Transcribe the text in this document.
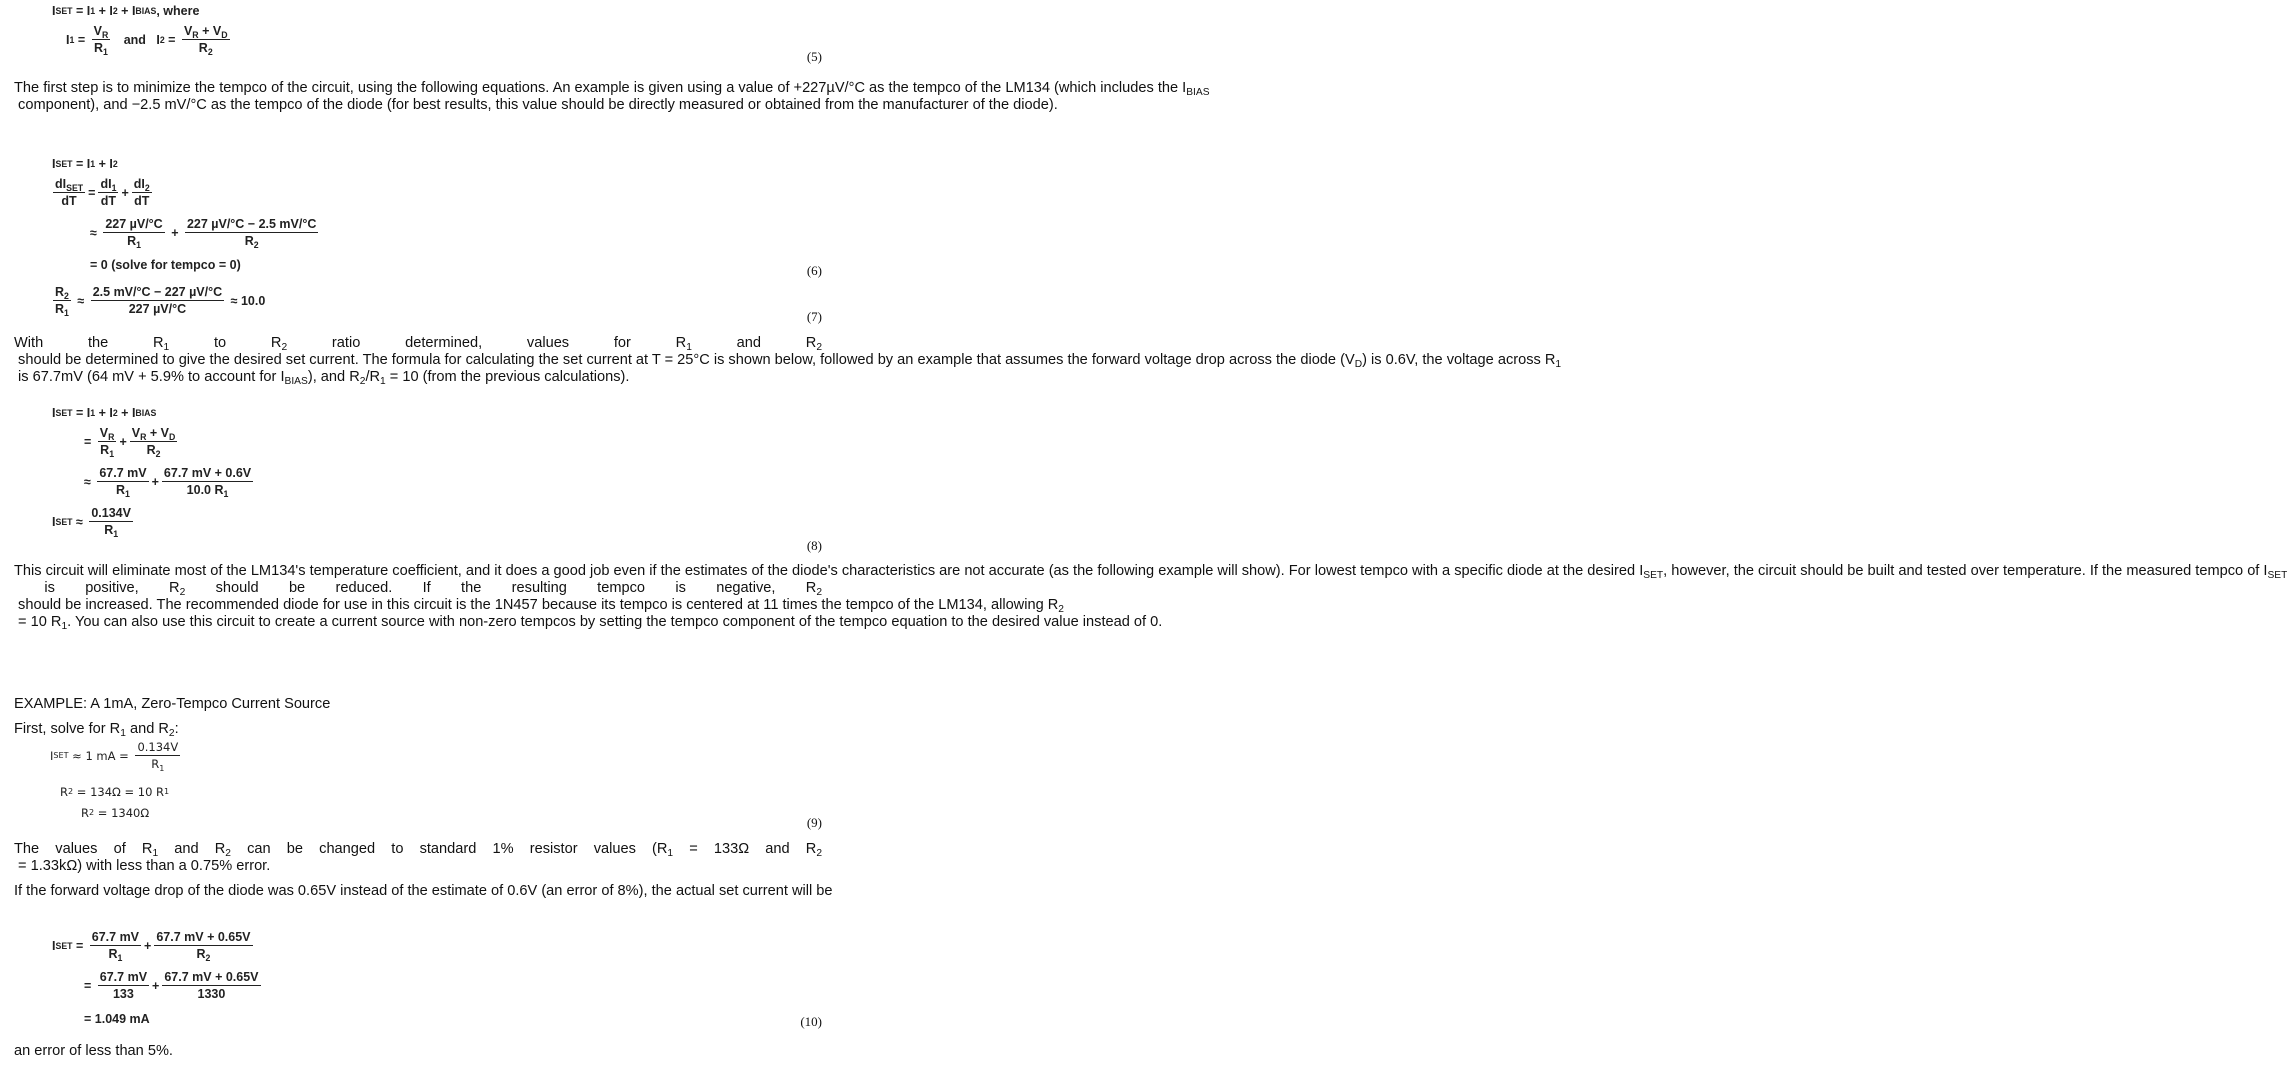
I SET = I 1 + I 2 + I BIAS , where
I $1 = \frac{V_R}{R_1}$ and   I $2 = \frac{V_R + V_D}{R_2}$
(5)
The first step is to minimize the tempco of the circuit, using the following equations. An example is given using a value of +227µV/°C as the tempco of the LM134 (which includes the $I_{BIAS}$ component), and −2.5 mV/°C as the tempco of the diode (for best results, this value should be directly measured or obtained from the manufacturer of the diode).
I SET = I 1 + I 2
$\frac{dI_{SET}}{dT} = \frac{dI_1}{dT} + \frac{dI_2}{dT}$
≈ $\frac{\text{227 µV/°C}}{R_1} + \frac{\text{227 µV/°C − 2.5 mV/°C}}{R_2}$
= 0 (solve for tempco = 0)	(6)
$\frac{R_2}{R_1} \approx \frac{\text{2.5 mV/°C − 227 µV/°C}}{\text{227 µV/°C}} \approx 10.0$
(7)
With the $R_1$ to $R_2$ ratio determined, values for $R_1$ and $R_2$ should be determined to give the desired set current. The formula for calculating the set current at T = 25°C is shown below, followed by an example that assumes the forward voltage drop across the diode $(V_D)$ is 0.6V, the voltage across $R_1$ is 67.7mV (64 mV + 5.9% to account for $I_{BIAS}$), and $R_2/R_1 = 10$ (from the previous calculations).
I SET = I 1 + I 2 + I BIAS
= $\frac{V_R}{R_1} + \frac{V_R + V_D}{R_2}$
≈ $\frac{67.7 mV}{R_1} + \frac{67.7 mV + 0.6V}{10.0 R_1}$
I SET ≈ $\frac{0.134V}{R_1}$
(8)
This circuit will eliminate most of the LM134's temperature coefficient, and it does a good job even if the estimates of the diode's characteristics are not accurate (as the following example will show). For lowest tempco with a specific diode at the desired $I_{SET}$, however, the circuit should be built and tested over temperature. If the measured tempco of $I_{SET}$ is positive, $R_2$ should be reduced. If the resulting tempco is negative, $R_2$ should be increased. The recommended diode for use in this circuit is the 1N457 because its tempco is centered at 11 times the tempco of the LM134, allowing $R_2 = 10$ $R_1$. You can also use this circuit to create a current source with non-zero tempcos by setting the tempco component of the tempco equation to the desired value instead of 0.
EXAMPLE: A 1mA, Zero-Tempco Current Source
First, solve for $R_1$ and $R_2$:
I SET ≈ 1 mA = $\frac{0.134V}{R_1}$
R 2 = 134Ω = 10 R 1
R 2 = 1340Ω
(9)
The values of $R_1$ and $R_2$ can be changed to standard 1% resistor values ($R_1 = 133\Omega$ and $R_2 = 1.33k\Omega$) with less than a 0.75% error.
If the forward voltage drop of the diode was 0.65V instead of the estimate of 0.6V (an error of 8%), the actual set current will be
I SET = $\frac{67.7 mV}{R_1} + \frac{67.7 mV + 0.65V}{R_2}$
= $\frac{67.7 mV}{133} + \frac{67.7 mV + 0.65V}{1330}$
= 1.049 mA	(10)
an error of less than 5%.
